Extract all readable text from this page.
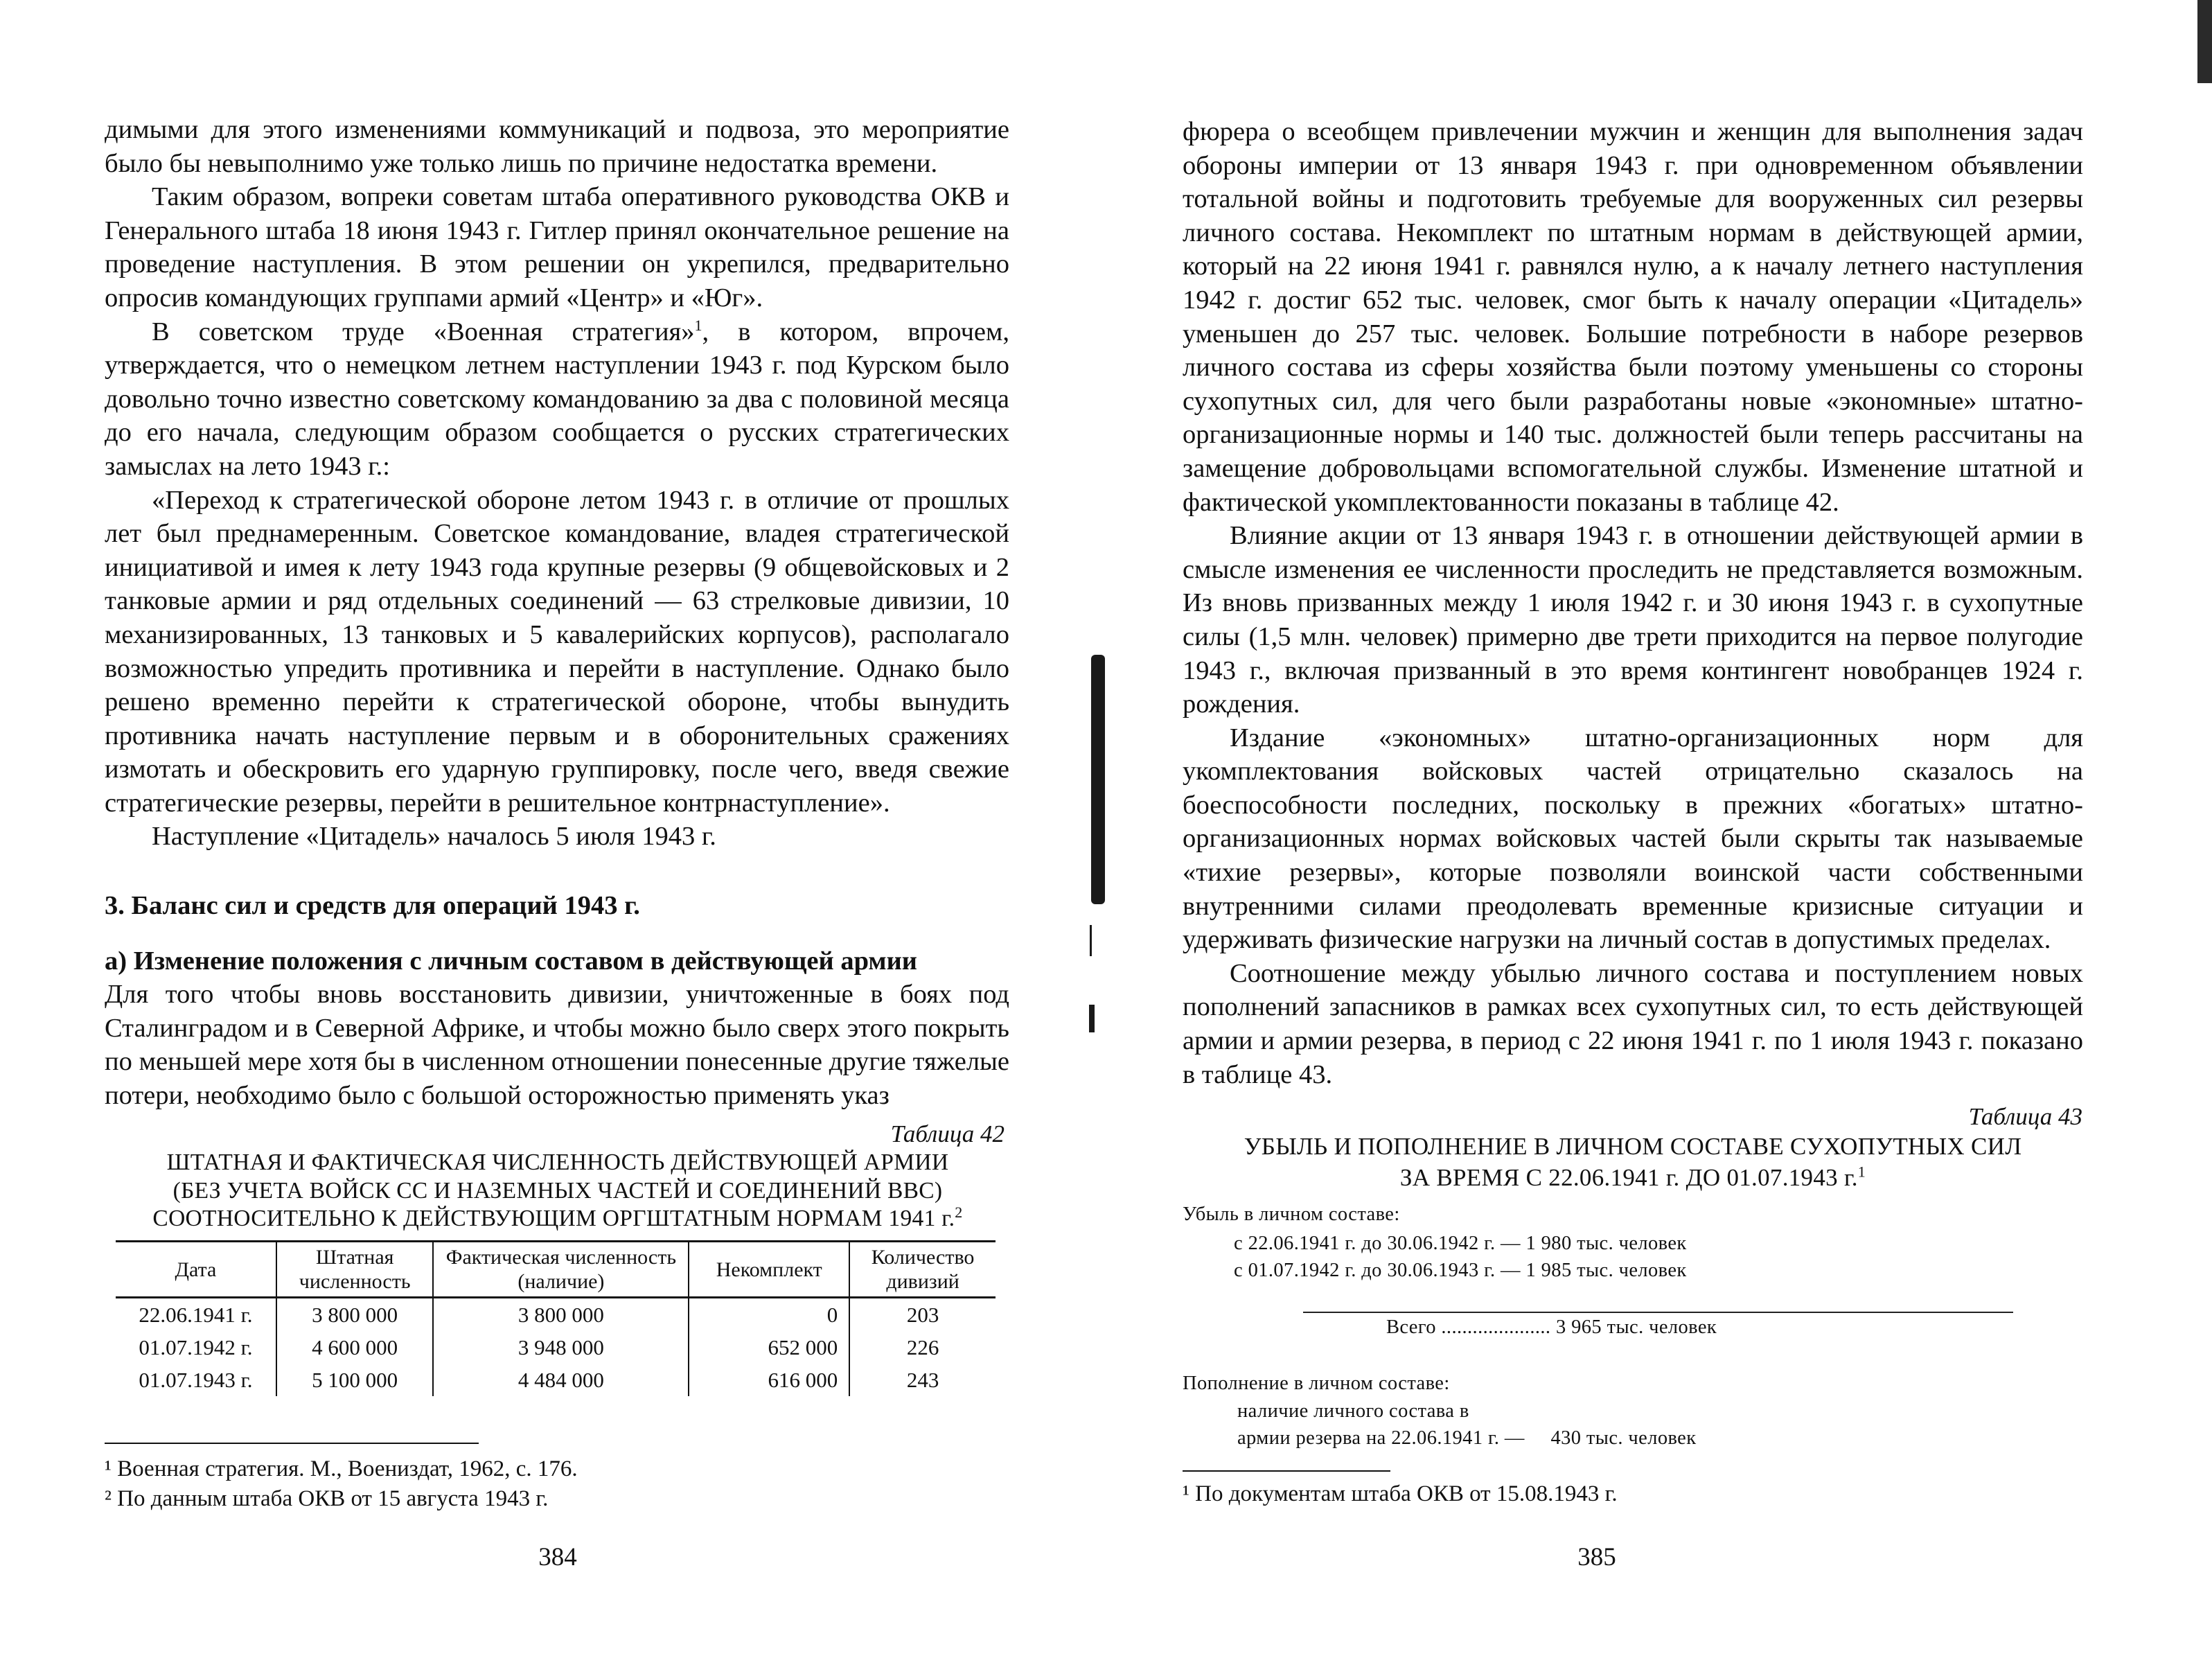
димыми для этого изменениями коммуникаций и подвоза, это мероприятие было бы невыполнимо уже только лишь по причине недостатка времени.

Таким образом, вопреки советам штаба оперативного руководства ОКВ и Генерального штаба 18 июня 1943 г. Гитлер принял окончательное решение на проведение наступления. В этом решении он укрепился, предварительно опросив командующих группами армий «Центр» и «Юг».

В советском труде «Военная стратегия»$^1$, в котором, впрочем, утверждается, что о немецком летнем наступлении 1943 г. под Курском было довольно точно известно советскому командованию за два с половиной месяца до его начала, следующим образом сообщается о русских стратегических замыслах на лето 1943 г.:

«Переход к стратегической обороне летом 1943 г. в отличие от прошлых лет был преднамеренным. Советское командование, владея стратегической инициативой и имея к лету 1943 года крупные резервы (9 общевойсковых и 2 танковые армии и ряд отдельных соединений — 63 стрелковые дивизии, 10 механизированных, 13 танковых и 5 кавалерийских корпусов), располагало возможностью упредить противника и перейти в наступление. Однако было решено временно перейти к стратегической обороне, чтобы вынудить противника начать наступление первым и в оборонительных сражениях измотать и обескровить его ударную группировку, после чего, введя свежие стратегические резервы, перейти в решительное контрнаступление».

Наступление «Цитадель» началось 5 июля 1943 г.

3. Баланс сил и средств для операций 1943 г.
а) Изменение положения с личным составом в действующей армии

Для того чтобы вновь восстановить дивизии, уничтоженные в боях под Сталинградом и в Северной Африке, и чтобы можно было сверх этого покрыть по меньшей мере хотя бы в численном отношении понесенные другие тяжелые потери, необходимо было с большой осторожностью применять указ

Таблица 42
ШТАТНАЯ И ФАКТИЧЕСКАЯ ЧИСЛЕННОСТЬ ДЕЙСТВУЮЩЕЙ АРМИИ
(БЕЗ УЧЕТА ВОЙСК СС И НАЗЕМНЫХ ЧАСТЕЙ И СОЕДИНЕНИЙ ВВС)
СООТНОСИТЕЛЬНО К ДЕЙСТВУЮЩИМ ОРГШТАТНЫМ НОРМАМ 1941 г.$^2$
Дата	Штатная численность	Фактическая численность (наличие)	Некомплект	Количество дивизий
22.06.1941 г.	3 800 000	3 800 000	0	203
01.07.1942 г.	4 600 000	3 948 000	652 000	226
01.07.1943 г.	5 100 000	4 484 000	616 000	243
¹ Военная стратегия. М., Воениздат, 1962, с. 176.
² По данным штаба ОКВ от 15 августа 1943 г.
384

фюрера о всеобщем привлечении мужчин и женщин для выполнения задач обороны империи от 13 января 1943 г. при одновременном объявлении тотальной войны и подготовить требуемые для вооруженных сил резервы личного состава. Некомплект по штатным нормам в действующей армии, который на 22 июня 1941 г. равнялся нулю, а к началу летнего наступления 1942 г. достиг 652 тыс. человек, смог быть к началу операции «Цитадель» уменьшен до 257 тыс. человек. Большие потребности в наборе резервов личного состава из сферы хозяйства были поэтому уменьшены со стороны сухопутных сил, для чего были разработаны новые «экономные» штатно-организационные нормы и 140 тыс. должностей были теперь рассчитаны на замещение добровольцами вспомогательной службы. Изменение штатной и фактической укомплектованности показаны в таблице 42.

Влияние акции от 13 января 1943 г. в отношении действующей армии в смысле изменения ее численности проследить не представляется возможным. Из вновь призванных между 1 июля 1942 г. и 30 июня 1943 г. в сухопутные силы (1,5 млн. человек) примерно две трети приходится на первое полугодие 1943 г., включая призванный в это время контингент новобранцев 1924 г. рождения.

Издание «экономных» штатно-организационных норм для укомплектования войсковых частей отрицательно сказалось на боеспособности последних, поскольку в прежних «богатых» штатно-организационных нормах войсковых частей были скрыты так называемые «тихие резервы», которые позволяли воинской части собственными внутренними силами преодолевать временные кризисные ситуации и удерживать физические нагрузки на личный состав в допустимых пределах.

Соотношение между убылью личного состава и поступлением новых пополнений запасников в рамках всех сухопутных сил, то есть действующей армии и армии резерва, в период с 22 июня 1941 г. по 1 июля 1943 г. показано в таблице 43.

Таблица 43
УБЫЛЬ И ПОПОЛНЕНИЕ В ЛИЧНОМ СОСТАВЕ СУХОПУТНЫХ СИЛ
ЗА ВРЕМЯ С 22.06.1941 г. ДО 01.07.1943 г.$^1$
Убыль в личном составе:
с 22.06.1941 г. до 30.06.1942 г. — 1 980 тыс. человек
с 01.07.1942 г. до 30.06.1943 г. — 1 985 тыс. человек
Всего ..................... 3 965 тыс. человек
Пополнение в личном составе:
наличие личного состава в
армии резерва на 22.06.1941 г. —     430 тыс. человек
¹ По документам штаба ОКВ от 15.08.1943 г.
385
